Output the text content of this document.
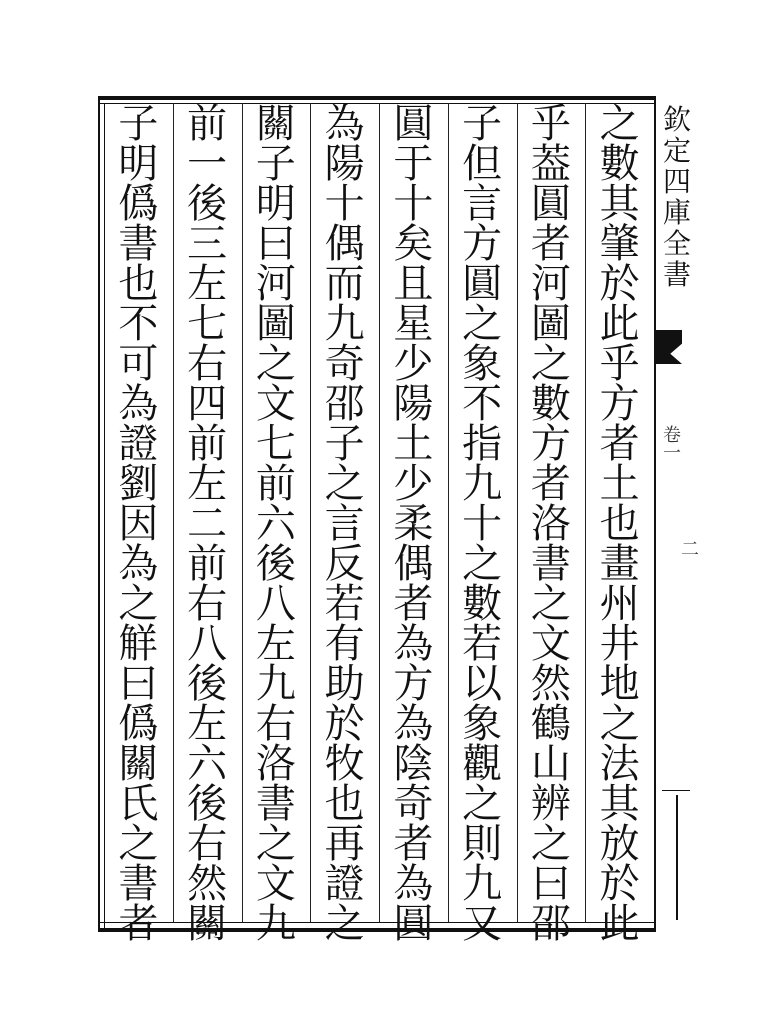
之
數
其
肇
於
此
乎
方
者
土
也
畫
州
井
地
之
法
其
放
於
此
乎
葢
圓
者
河
圖
之
數
方
者
洛
書
之
文
然
鶴
山
辨
之
曰
邵
子
但
言
方
圓
之
象
不
指
九
十
之
數
若
以
象
觀
之
則
九
又
圓
于
十
矣
且
星
少
陽
土
少
柔
偶
者
為
方
為
陰
奇
者
為
圓
為
陽
十
偶
而
九
奇
邵
子
之
言
反
若
有
助
於
牧
也
再
證
之
關
子
明
曰
河
圖
之
文
七
前
六
後
八
左
九
右
洛
書
之
文
九
前
一
後
三
左
七
右
四
前
左
二
前
右
八
後
左
六
後
右
然
關
子
明
僞
書
也
不
可
為
證
劉
因
為
之
觧
曰
僞
關
氏
之
書
者
欽
定
四
庫
全
書
卷一
二
